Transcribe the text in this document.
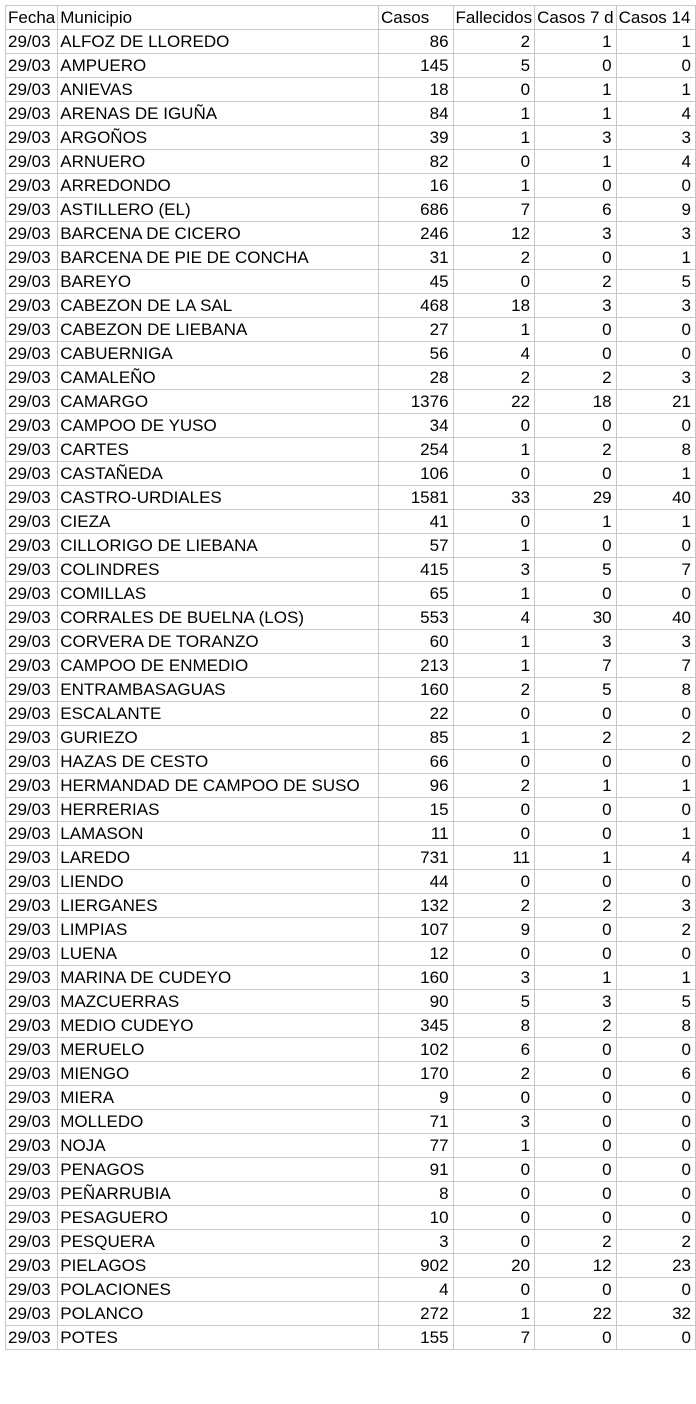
Fecha	Municipio	Casos	Fallecidos	Casos 7 d	Casos 14
29/03	ALFOZ DE LLOREDO	86	2	1	1
29/03	AMPUERO	145	5	0	0
29/03	ANIEVAS	18	0	1	1
29/03	ARENAS DE IGUÑA	84	1	1	4
29/03	ARGOÑOS	39	1	3	3
29/03	ARNUERO	82	0	1	4
29/03	ARREDONDO	16	1	0	0
29/03	ASTILLERO (EL)	686	7	6	9
29/03	BARCENA DE CICERO	246	12	3	3
29/03	BARCENA DE PIE DE CONCHA	31	2	0	1
29/03	BAREYO	45	0	2	5
29/03	CABEZON DE LA SAL	468	18	3	3
29/03	CABEZON DE LIEBANA	27	1	0	0
29/03	CABUERNIGA	56	4	0	0
29/03	CAMALEÑO	28	2	2	3
29/03	CAMARGO	1376	22	18	21
29/03	CAMPOO DE YUSO	34	0	0	0
29/03	CARTES	254	1	2	8
29/03	CASTAÑEDA	106	0	0	1
29/03	CASTRO-URDIALES	1581	33	29	40
29/03	CIEZA	41	0	1	1
29/03	CILLORIGO DE LIEBANA	57	1	0	0
29/03	COLINDRES	415	3	5	7
29/03	COMILLAS	65	1	0	0
29/03	CORRALES DE BUELNA (LOS)	553	4	30	40
29/03	CORVERA DE TORANZO	60	1	3	3
29/03	CAMPOO DE ENMEDIO	213	1	7	7
29/03	ENTRAMBASAGUAS	160	2	5	8
29/03	ESCALANTE	22	0	0	0
29/03	GURIEZO	85	1	2	2
29/03	HAZAS DE CESTO	66	0	0	0
29/03	HERMANDAD DE CAMPOO DE SUSO	96	2	1	1
29/03	HERRERIAS	15	0	0	0
29/03	LAMASON	11	0	0	1
29/03	LAREDO	731	11	1	4
29/03	LIENDO	44	0	0	0
29/03	LIERGANES	132	2	2	3
29/03	LIMPIAS	107	9	0	2
29/03	LUENA	12	0	0	0
29/03	MARINA DE CUDEYO	160	3	1	1
29/03	MAZCUERRAS	90	5	3	5
29/03	MEDIO CUDEYO	345	8	2	8
29/03	MERUELO	102	6	0	0
29/03	MIENGO	170	2	0	6
29/03	MIERA	9	0	0	0
29/03	MOLLEDO	71	3	0	0
29/03	NOJA	77	1	0	0
29/03	PENAGOS	91	0	0	0
29/03	PEÑARRUBIA	8	0	0	0
29/03	PESAGUERO	10	0	0	0
29/03	PESQUERA	3	0	2	2
29/03	PIELAGOS	902	20	12	23
29/03	POLACIONES	4	0	0	0
29/03	POLANCO	272	1	22	32
29/03	POTES	155	7	0	0
